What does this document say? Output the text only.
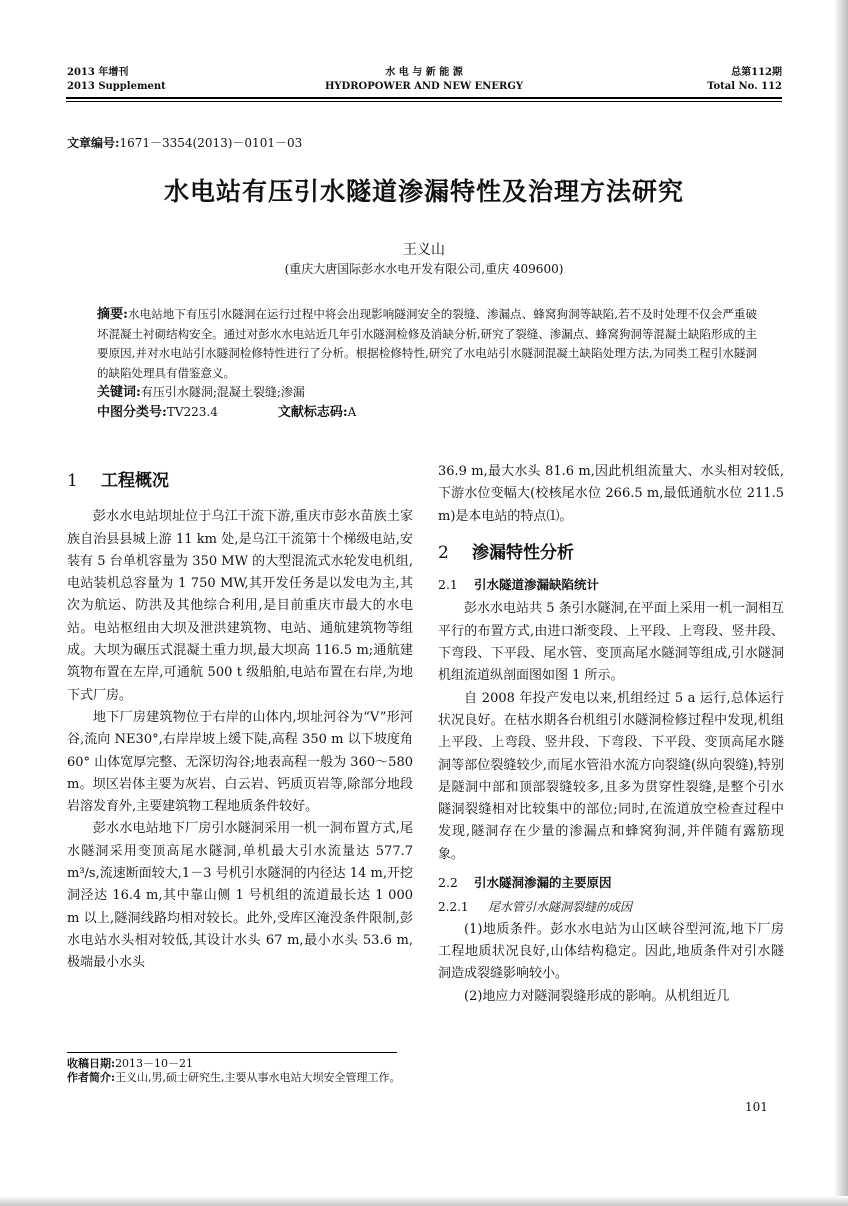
2013 年增刊
2013 Supplement
水 电 与 新 能 源
HYDROPOWER AND NEW ENERGY
总第112期
Total No. 112
文章编号:1671－3354(2013)－0101－03
水电站有压引水隧道渗漏特性及治理方法研究
王义山
(重庆大唐国际彭水水电开发有限公司,重庆 409600)

摘要:水电站地下有压引水隧洞在运行过程中将会出现影响隧洞安全的裂缝、渗漏点、蜂窝狗洞等缺陷,若不及时处理不仅会严重破坏混凝土衬砌结构安全。通过对彭水水电站近几年引水隧洞检修及消缺分析,研究了裂缝、渗漏点、蜂窝狗洞等混凝土缺陷形成的主要原因,并对水电站引水隧洞检修特性进行了分析。根据检修特性,研究了水电站引水隧洞混凝土缺陷处理方法,为同类工程引水隧洞的缺陷处理具有借鉴意义。

关键词:有压引水隧洞;混凝土裂缝;渗漏

中图分类号:TV223.4	文献标志码:A

1 工程概况

彭水水电站坝址位于乌江干流下游,重庆市彭水苗族土家族自治县县城上游 11 km 处,是乌江干流第十个梯级电站,安装有 5 台单机容量为 350 MW 的大型混流式水轮发电机组,电站装机总容量为 1 750 MW,其开发任务是以发电为主,其次为航运、防洪及其他综合利用,是目前重庆市最大的水电站。电站枢纽由大坝及泄洪建筑物、电站、通航建筑物等组成。大坝为碾压式混凝土重力坝,最大坝高 116.5 m;通航建筑物布置在左岸,可通航 500 t 级船舶,电站布置在右岸,为地下式厂房。

地下厂房建筑物位于右岸的山体内,坝址河谷为“V”形河谷,流向 NE30°,右岸岸坡上缓下陡,高程 350 m 以下坡度角 60° 山体宽厚完整、无深切沟谷;地表高程一般为 360～580 m。坝区岩体主要为灰岩、白云岩、钙质页岩等,除部分地段岩溶发育外,主要建筑物工程地质条件较好。

彭水水电站地下厂房引水隧洞采用一机一洞布置方式,尾水隧洞采用变顶高尾水隧洞,单机最大引水流量达 577.7 m³/s,流速断面较大,1－3 号机引水隧洞的内径达 14 m,开挖洞泾达 16.4 m,其中靠山侧 1 号机组的流道最长达 1 000 m 以上,隧洞线路均相对较长。此外,受库区淹没条件限制,彭水电站水头相对较低,其设计水头 67 m,最小水头 53.6 m,极端最小水头

36.9 m,最大水头 81.6 m,因此机组流量大、水头相对较低,下游水位变幅大(校核尾水位 266.5 m,最低通航水位 211.5 m)是本电站的特点⑴。

2 渗漏特性分析
2.1 引水隧道渗漏缺陷统计

彭水水电站共 5 条引水隧洞,在平面上采用一机一洞相互平行的布置方式,由进口渐变段、上平段、上弯段、竖井段、下弯段、下平段、尾水管、变顶高尾水隧洞等组成,引水隧洞机组流道纵剖面图如图 1 所示。

自 2008 年投产发电以来,机组经过 5 a 运行,总体运行状况良好。在枯水期各台机组引水隧洞检修过程中发现,机组上平段、上弯段、竖井段、下弯段、下平段、变顶高尾水隧洞等部位裂缝较少,而尾水管沿水流方向裂缝(纵向裂缝),特别是隧洞中部和顶部裂缝较多,且多为贯穿性裂缝,是整个引水隧洞裂缝相对比较集中的部位;同时,在流道放空检查过程中发现,隧洞存在少量的渗漏点和蜂窝狗洞,并伴随有露筋现象。

2.2 引水隧洞渗漏的主要原因
2.2.1 尾水管引水隧洞裂缝的成因

(1)地质条件。彭水水电站为山区峡谷型河流,地下厂房工程地质状况良好,山体结构稳定。因此,地质条件对引水隧洞造成裂缝影响较小。

(2)地应力对隧洞裂缝形成的影响。从机组近几

收稿日期:2013－10－21
作者简介:王义山,男,硕士研究生,主要从事水电站大坝安全管理工作。
101
